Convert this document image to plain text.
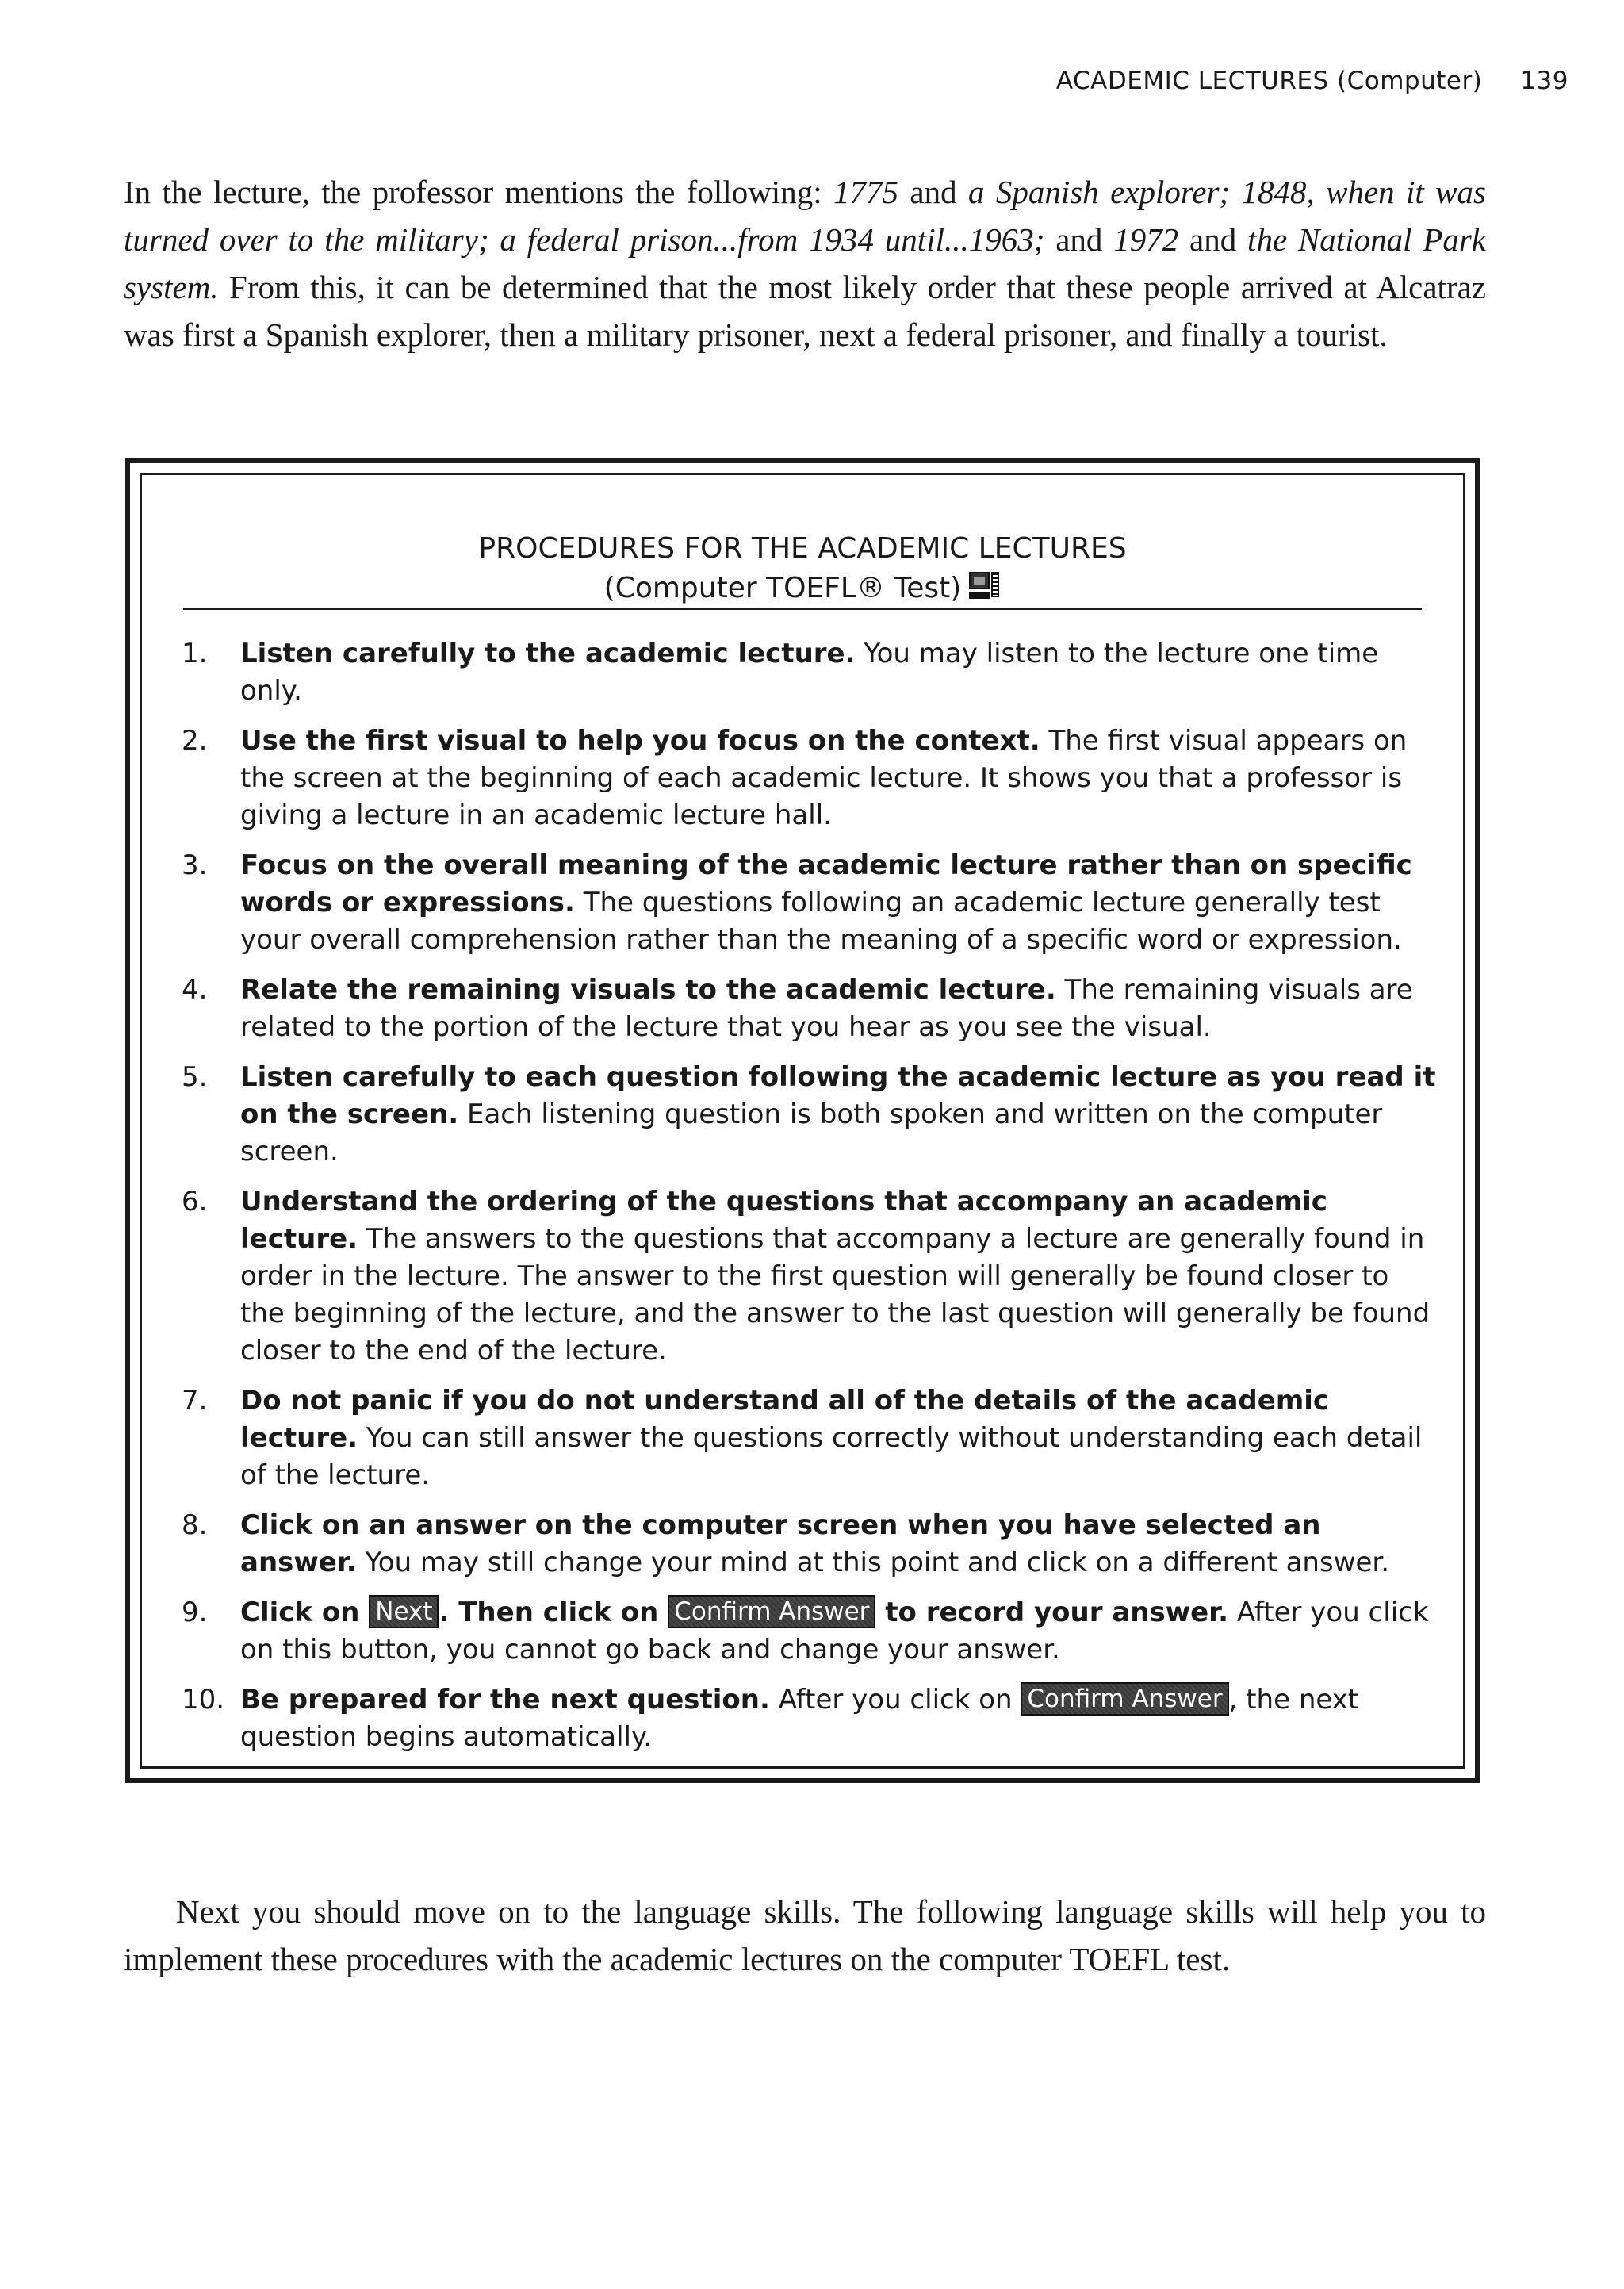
ACADEMIC LECTURES (Computer) 139

In the lecture, the professor mentions the following: 1775 and a Spanish explorer; 1848, when it was turned over to the military; a federal prison...from 1934 until...1963; and 1972 and the National Park system. From this, it can be determined that the most likely order that these people arrived at Alcatraz was first a Spanish explorer, then a military prisoner, next a federal prisoner, and finally a tourist.

PROCEDURES FOR THE ACADEMIC LECTURES
(Computer TOEFL® Test)
1.	Listen carefully to the academic lecture. You may listen to the lecture one time only.
2.	Use the first visual to help you focus on the context. The first visual appears on the screen at the beginning of each academic lecture. It shows you that a professor is giving a lecture in an academic lecture hall.
3.	Focus on the overall meaning of the academic lecture rather than on specific words or expressions. The questions following an academic lecture generally test your overall comprehension rather than the meaning of a specific word or expression.
4.	Relate the remaining visuals to the academic lecture. The remaining visuals are related to the portion of the lecture that you hear as you see the visual.
5.	Listen carefully to each question following the academic lecture as you read it on the screen. Each listening question is both spoken and written on the computer screen.
6.	Understand the ordering of the questions that accompany an academic lecture. The answers to the questions that accompany a lecture are generally found in order in the lecture. The answer to the first question will generally be found closer to the beginning of the lecture, and the answer to the last question will generally be found closer to the end of the lecture.
7.	Do not panic if you do not understand all of the details of the academic lecture. You can still answer the questions correctly without understanding each detail of the lecture.
8.	Click on an answer on the computer screen when you have selected an answer. You may still change your mind at this point and click on a different answer.
9.	Click on Next . Then click on Confirm Answer to record your answer. After you click on this button, you cannot go back and change your answer.
10. Be prepared for the next question. After you click on Confirm Answer , the next question begins automatically.

Next you should move on to the language skills. The following language skills will help you to implement these procedures with the academic lectures on the computer TOEFL test.
